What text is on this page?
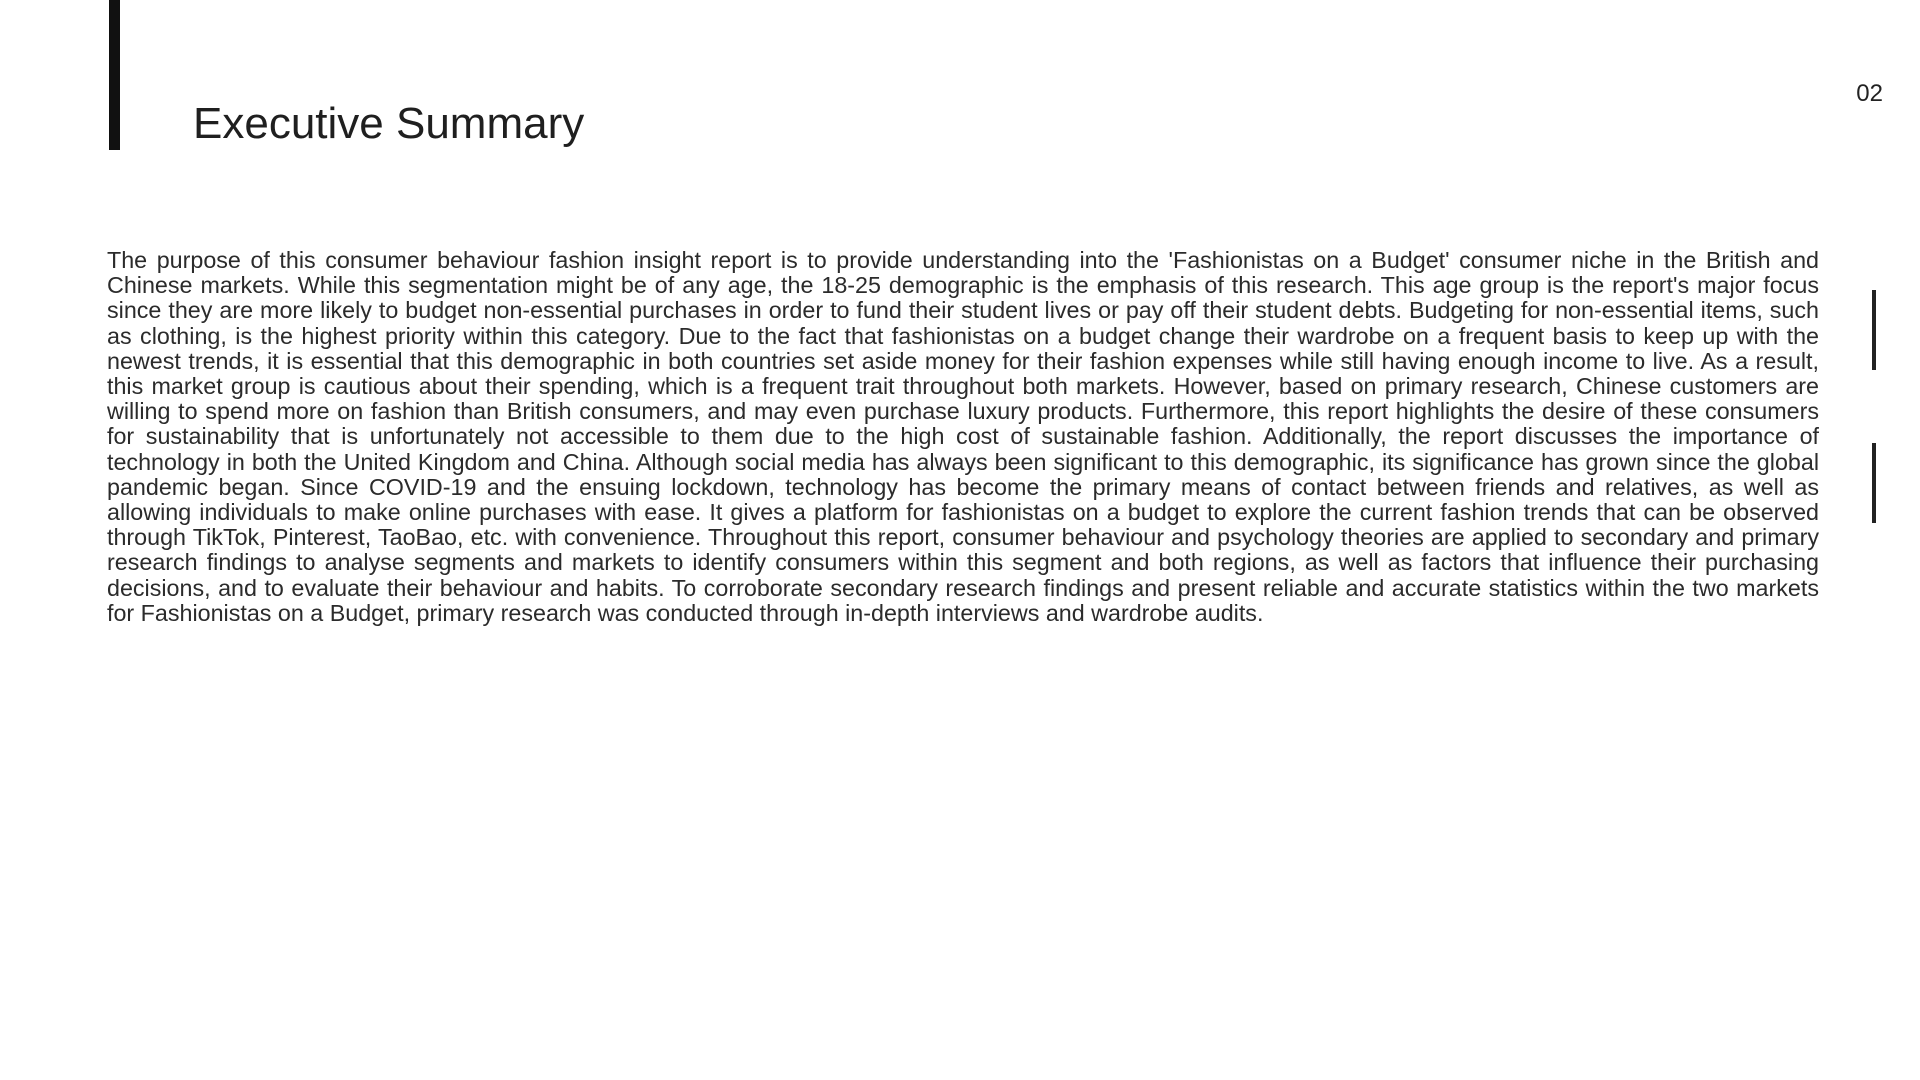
Executive Summary
02

The purpose of this consumer behaviour fashion insight report is to provide understanding into the 'Fashionistas on a Budget' consumer niche in the British and Chinese markets. While this segmentation might be of any age, the 18-25 demographic is the emphasis of this research. This age group is the report's major focus since they are more likely to budget non-essential purchases in order to fund their student lives or pay off their student debts. Budgeting for non-essential items, such as clothing, is the highest priority within this category. Due to the fact that fashionistas on a budget change their wardrobe on a frequent basis to keep up with the newest trends, it is essential that this demographic in both countries set aside money for their fashion expenses while still having enough income to live. As a result, this market group is cautious about their spending, which is a frequent trait throughout both markets. However, based on primary research, Chinese customers are willing to spend more on fashion than British consumers, and may even purchase luxury products. Furthermore, this report highlights the desire of these consumers for sustainability that is unfortunately not accessible to them due to the high cost of sustainable fashion. Additionally, the report discusses the importance of technology in both the United Kingdom and China. Although social media has always been significant to this demographic, its significance has grown since the global pandemic began. Since COVID-19 and the ensuing lockdown, technology has become the primary means of contact between friends and relatives, as well as allowing individuals to make online purchases with ease. It gives a platform for fashionistas on a budget to explore the current fashion trends that can be observed through TikTok, Pinterest, TaoBao, etc. with convenience. Throughout this report, consumer behaviour and psychology theories are applied to secondary and primary research findings to analyse segments and markets to identify consumers within this segment and both regions, as well as factors that influence their purchasing decisions, and to evaluate their behaviour and habits. To corroborate secondary research findings and present reliable and accurate statistics within the two markets for Fashionistas on a Budget, primary research was conducted through in-depth interviews and wardrobe audits.
